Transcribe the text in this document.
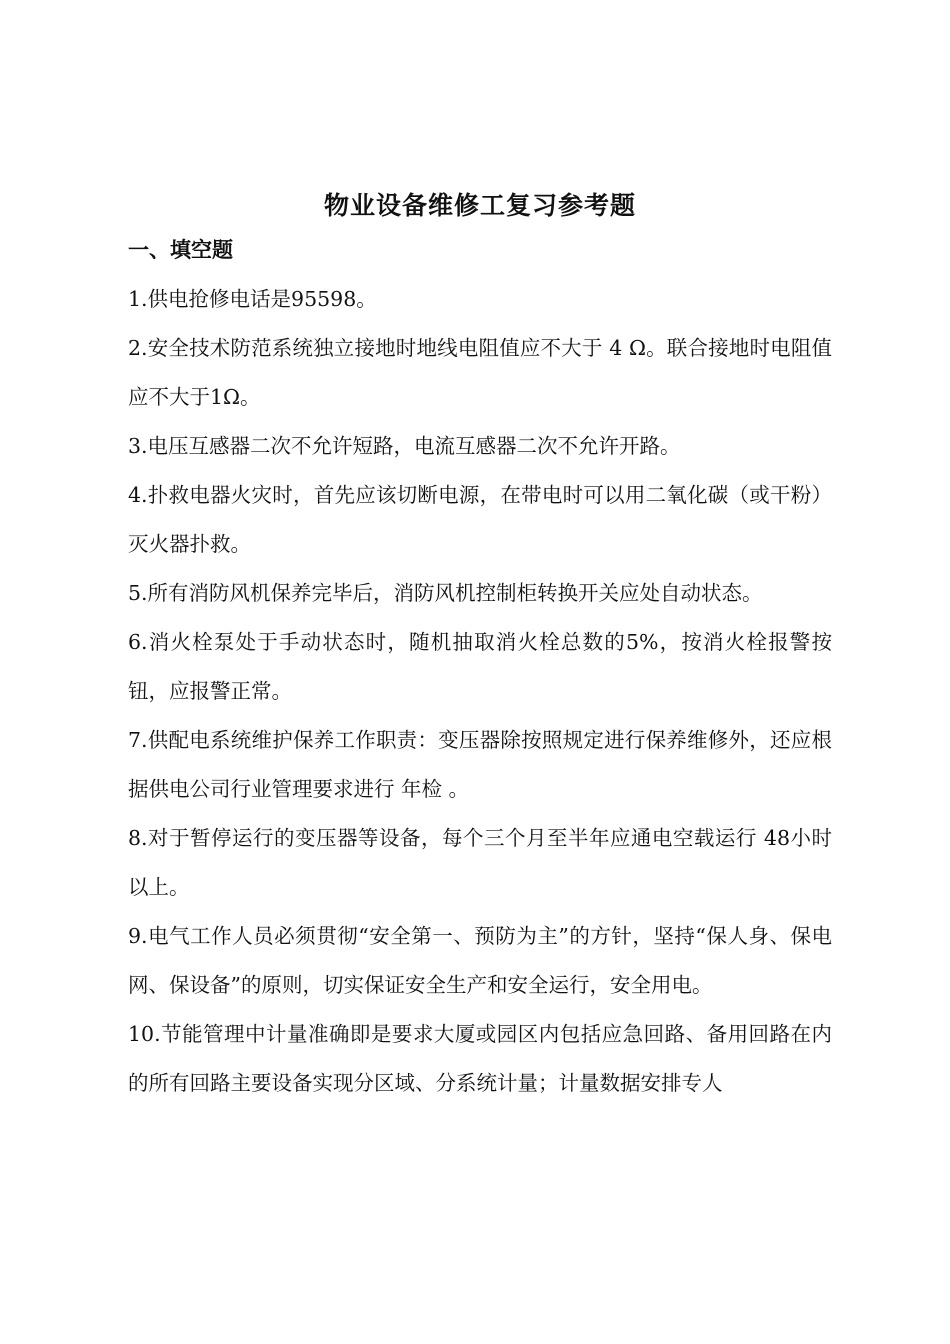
物业设备维修工复习参考题
一、填空题

1.供电抢修电话是95598。

2.安全技术防范系统独立接地时地线电阻值应不大于 4 Ω。联合接地时电阻值应不大于1Ω。

3.电压互感器二次不允许短路，电流互感器二次不允许开路。

4.扑救电器火灾时，首先应该切断电源，在带电时可以用二氧化碳（或干粉）灭火器扑救。

5.所有消防风机保养完毕后，消防风机控制柜转换开关应处自动状态。

6.消火栓泵处于手动状态时，随机抽取消火栓总数的5%，按消火栓报警按钮，应报警正常。

7.供配电系统维护保养工作职责：变压器除按照规定进行保养维修外，还应根据供电公司行业管理要求进行 年检 。

8.对于暂停运行的变压器等设备，每个三个月至半年应通电空载运行 48小时以上。

9.电气工作人员必须贯彻“安全第一、预防为主”的方针，坚持“保人身、保电网、保设备”的原则，切实保证安全生产和安全运行，安全用电。

10.节能管理中计量准确即是要求大厦或园区内包括应急回路、备用回路在内的所有回路主要设备实现分区域、分系统计量；计量数据安排专人
